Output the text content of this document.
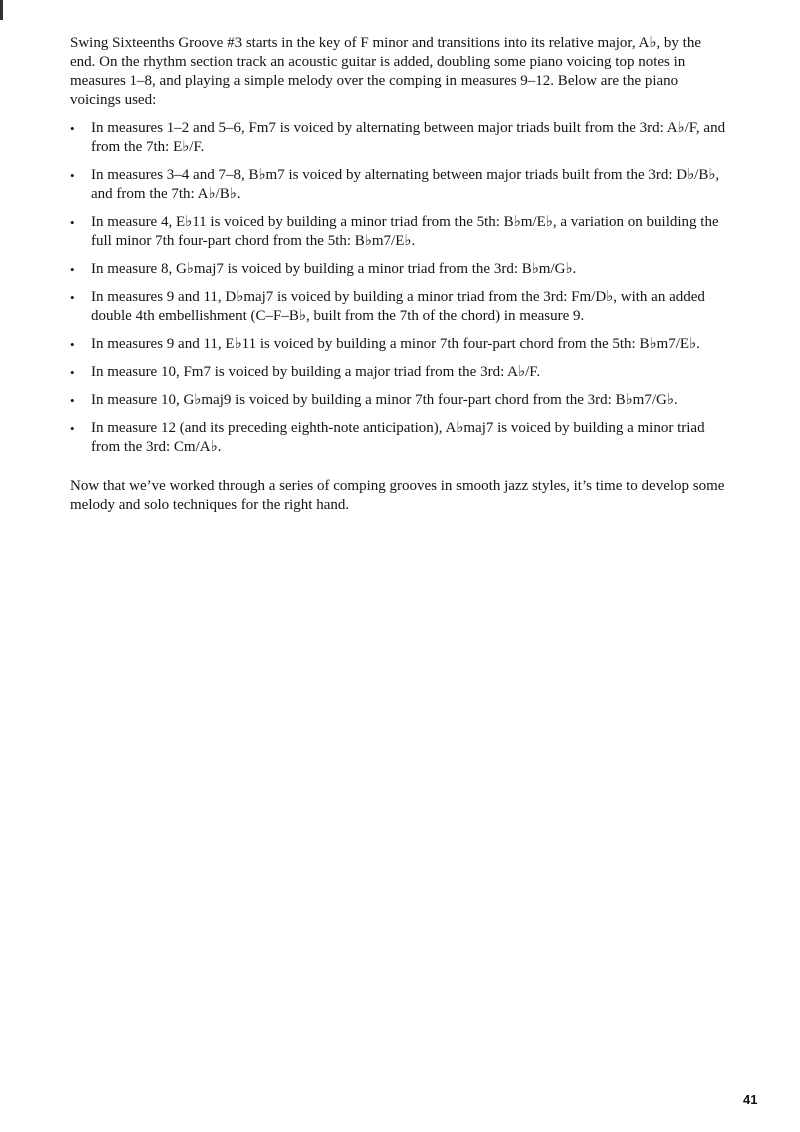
Swing Sixteenths Groove #3 starts in the key of F minor and transitions into its relative major, A♭, by the end. On the rhythm section track an acoustic guitar is added, doubling some piano voicing top notes in measures 1–8, and playing a simple melody over the comping in measures 9–12. Below are the piano voicings used:

• In measures 1–2 and 5–6, Fm7 is voiced by alternating between major triads built from the 3rd: A♭/F, and from the 7th: E♭/F.
• In measures 3–4 and 7–8, B♭m7 is voiced by alternating between major triads built from the 3rd: D♭/B♭, and from the 7th: A♭/B♭.
• In measure 4, E♭11 is voiced by building a minor triad from the 5th: B♭m/E♭, a variation on building the full minor 7th four-part chord from the 5th: B♭m7/E♭.
• In measure 8, G♭maj7 is voiced by building a minor triad from the 3rd: B♭m/G♭.
• In measures 9 and 11, D♭maj7 is voiced by building a minor triad from the 3rd: Fm/D♭, with an added double 4th embellishment (C–F–B♭, built from the 7th of the chord) in measure 9.
• In measures 9 and 11, E♭11 is voiced by building a minor 7th four-part chord from the 5th: B♭m7/E♭.
• In measure 10, Fm7 is voiced by building a major triad from the 3rd: A♭/F.
• In measure 10, G♭maj9 is voiced by building a minor 7th four-part chord from the 3rd: B♭m7/G♭.
• In measure 12 (and its preceding eighth-note anticipation), A♭maj7 is voiced by building a minor triad from the 3rd: Cm/A♭.

Now that we’ve worked through a series of comping grooves in smooth jazz styles, it’s time to develop some melody and solo techniques for the right hand.

41
